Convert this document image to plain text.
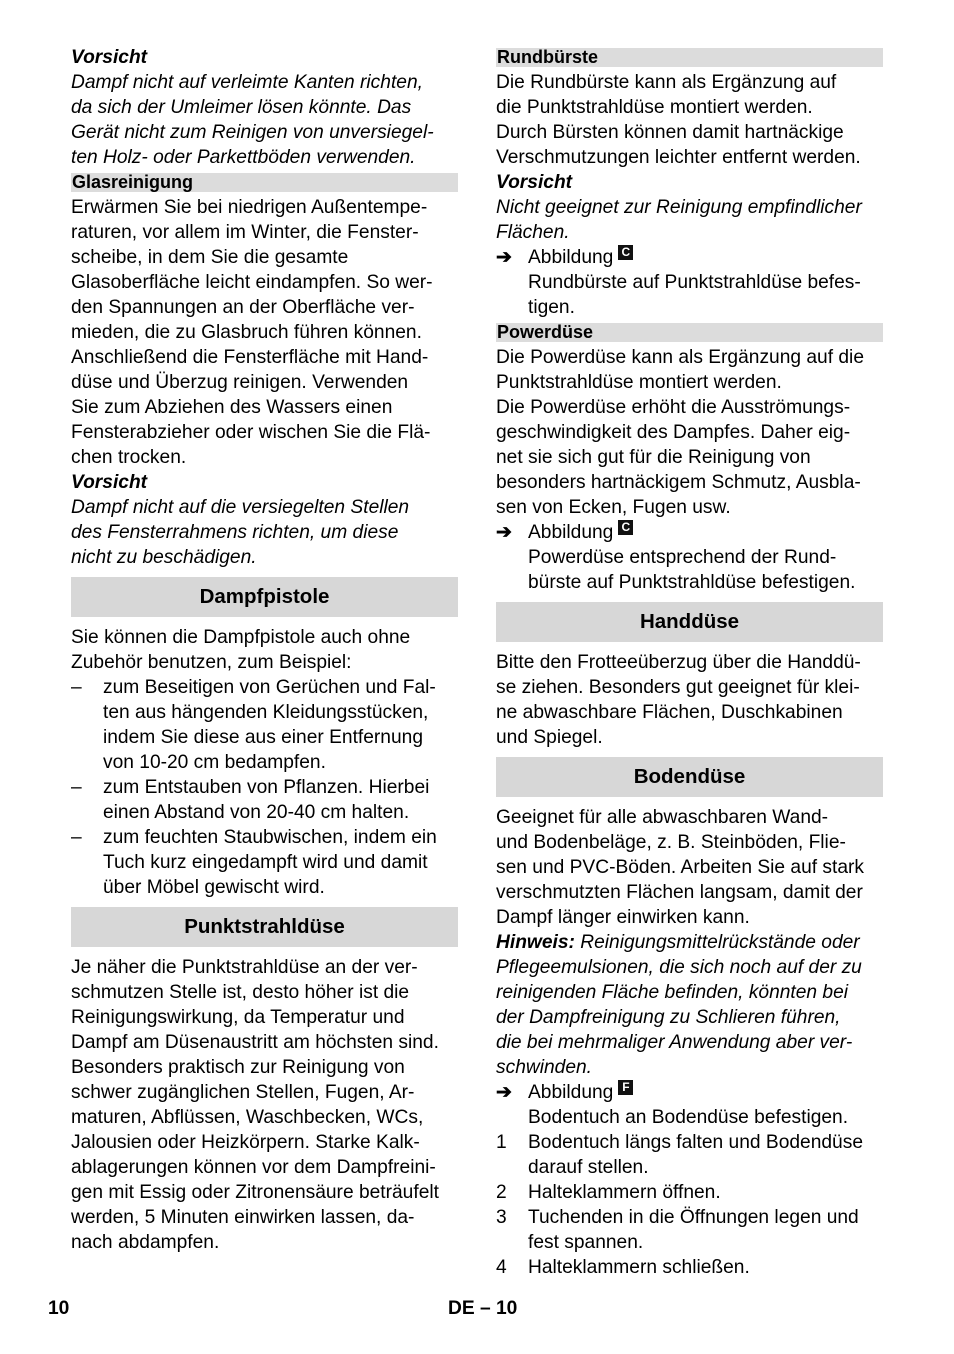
Vorsicht
Dampf nicht auf verleimte Kanten richten,
da sich der Umleimer lösen könnte. Das
Gerät nicht zum Reinigen von unversiegel-
ten Holz- oder Parkettböden verwenden.
Glasreinigung
Erwärmen Sie bei niedrigen Außentempe-
raturen, vor allem im Winter, die Fenster-
scheibe, in dem Sie die gesamte
Glasoberfläche leicht eindampfen. So wer-
den Spannungen an der Oberfläche ver-
mieden, die zu Glasbruch führen können.
Anschließend die Fensterfläche mit Hand-
düse und Überzug reinigen. Verwenden
Sie zum Abziehen des Wassers einen
Fensterabzieher oder wischen Sie die Flä-
chen trocken.
Vorsicht
Dampf nicht auf die versiegelten Stellen
des Fensterrahmens richten, um diese
nicht zu beschädigen.
Dampfpistole
Sie können die Dampfpistole auch ohne
Zubehör benutzen, zum Beispiel:
–	zum Beseitigen von Gerüchen und Fal-
ten aus hängenden Kleidungsstücken,
indem Sie diese aus einer Entfernung
von 10-20 cm bedampfen.
–	zum Entstauben von Pflanzen. Hierbei
einen Abstand von 20-40 cm halten.
–	zum feuchten Staubwischen, indem ein
Tuch kurz eingedampft wird und damit
über Möbel gewischt wird.
Punktstrahldüse
Je näher die Punktstrahldüse an der ver-
schmutzen Stelle ist, desto höher ist die
Reinigungswirkung, da Temperatur und
Dampf am Düsenaustritt am höchsten sind.
Besonders praktisch zur Reinigung von
schwer zugänglichen Stellen, Fugen, Ar-
maturen, Abflüssen, Waschbecken, WCs,
Jalousien oder Heizkörpern. Starke Kalk-
ablagerungen können vor dem Dampfreini-
gen mit Essig oder Zitronensäure beträufelt
werden, 5 Minuten einwirken lassen, da-
nach abdampfen.
Rundbürste
Die Rundbürste kann als Ergänzung auf
die Punktstrahldüse montiert werden.
Durch Bürsten können damit hartnäckige
Verschmutzungen leichter entfernt werden.
Vorsicht
Nicht geeignet zur Reinigung empfindlicher
Flächen.
➔ Abbildung C
Rundbürste auf Punktstrahldüse befes-
tigen.
Powerdüse
Die Powerdüse kann als Ergänzung auf die
Punktstrahldüse montiert werden.
Die Powerdüse erhöht die Ausströmungs-
geschwindigkeit des Dampfes. Daher eig-
net sie sich gut für die Reinigung von
besonders hartnäckigem Schmutz, Ausbla-
sen von Ecken, Fugen usw.
➔ Abbildung C
Powerdüse entsprechend der Rund-
bürste auf Punktstrahldüse befestigen.
Handdüse
Bitte den Frotteeüberzug über die Handdü-
se ziehen. Besonders gut geeignet für klei-
ne abwaschbare Flächen, Duschkabinen
und Spiegel.
Bodendüse
Geeignet für alle abwaschbaren Wand-
und Bodenbeläge, z. B. Steinböden, Flie-
sen und PVC-Böden. Arbeiten Sie auf stark
verschmutzten Flächen langsam, damit der
Dampf länger einwirken kann.
Hinweis: Reinigungsmittelrückstände oder
Pflegeemulsionen, die sich noch auf der zu
reinigenden Fläche befinden, könnten bei
der Dampfreinigung zu Schlieren führen,
die bei mehrmaliger Anwendung aber ver-
schwinden.
➔ Abbildung F
Bodentuch an Bodendüse befestigen.
1	Bodentuch längs falten und Bodendüse
darauf stellen.
2	Halteklammern öffnen.
3	Tuchenden in die Öffnungen legen und
fest spannen.
4	Halteklammern schließen.
10	DE – 10
